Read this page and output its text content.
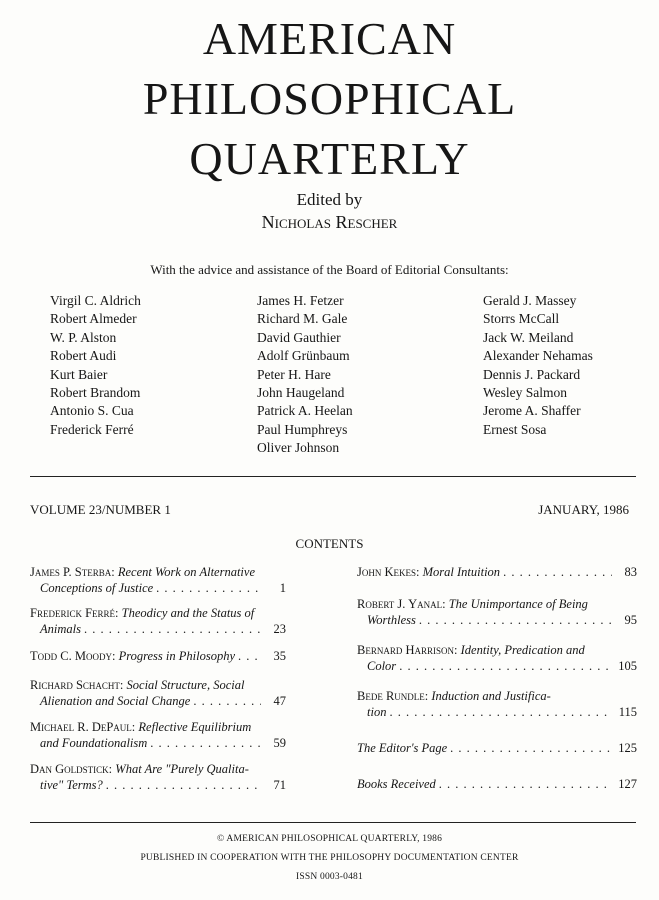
AMERICAN
PHILOSOPHICAL
QUARTERLY
Edited by
Nicholas Rescher
With the advice and assistance of the Board of Editorial Consultants:
Virgil C. Aldrich
Robert Almeder
W. P. Alston
Robert Audi
Kurt Baier
Robert Brandom
Antonio S. Cua
Frederick Ferré
James H. Fetzer
Richard M. Gale
David Gauthier
Adolf Grünbaum
Peter H. Hare
John Haugeland
Patrick A. Heelan
Paul Humphreys
Oliver Johnson
Gerald J. Massey
Storrs McCall
Jack W. Meiland
Alexander Nehamas
Dennis J. Packard
Wesley Salmon
Jerome A. Shaffer
Ernest Sosa
VOLUME 23/NUMBER 1	JANUARY, 1986
CONTENTS
James P. Sterba: Recent Work on Alternative
Conceptions of Justice . . .	1
Frederick Ferré: Theodicy and the Status of
Animals . . .	23
Todd C. Moody: Progress in Philosophy . . .	35
Richard Schacht: Social Structure, Social
Alienation and Social Change . . .	47
Michael R. DePaul: Reflective Equilibrium
and Foundationalism . . .	59
Dan Goldstick: What Are "Purely Qualita-
tive" Terms? . . .	71
John Kekes: Moral Intuition . . .	83
Robert J. Yanal: The Unimportance of Being
Worthless . . .	95
Bernard Harrison: Identity, Predication and
Color . . .	105
Bede Rundle: Induction and Justifica-
tion . . .	115
The Editor's Page . . .	125
Books Received . . .	127
© AMERICAN PHILOSOPHICAL QUARTERLY, 1986
PUBLISHED IN COOPERATION WITH THE PHILOSOPHY DOCUMENTATION CENTER
ISSN 0003-0481
